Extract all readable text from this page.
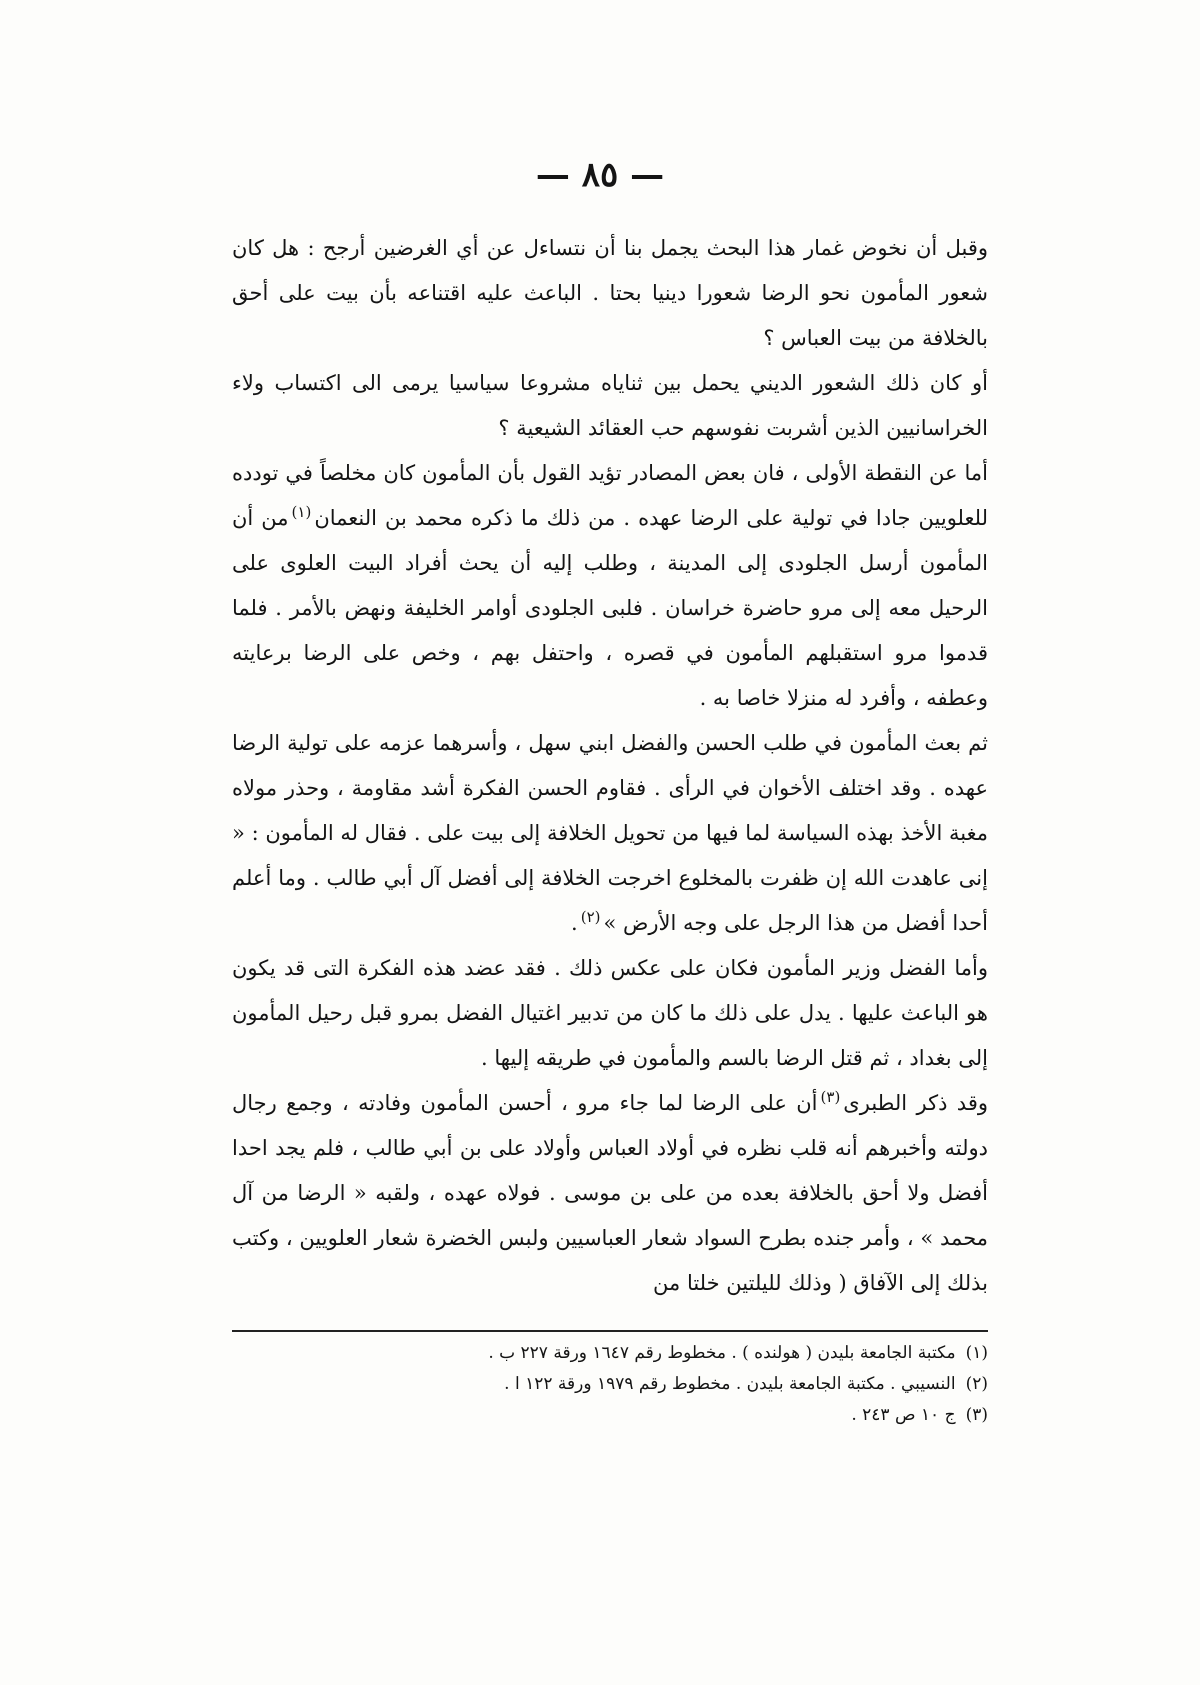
— ٨٥ —

وقبل أن نخوض غمار هذا البحث يجمل بنا أن نتساءل عن أي الغرضين أرجح : هل كان شعور المأمون نحو الرضا شعورا دينيا بحتا . الباعث عليه اقتناعه بأن بيت على أحق بالخلافة من بيت العباس ؟

أو كان ذلك الشعور الديني يحمل بين ثناياه مشروعا سياسيا يرمى الى اكتساب ولاء الخراسانيين الذين أشربت نفوسهم حب العقائد الشيعية ؟

أما عن النقطة الأولى ، فان بعض المصادر تؤيد القول بأن المأمون كان مخلصاً في تودده للعلويين جادا في تولية على الرضا عهده . من ذلك ما ذكره محمد بن النعمان$^{(١)}$من أن المأمون أرسل الجلودى إلى المدينة ، وطلب إليه أن يحث أفراد البيت العلوى على الرحيل معه إلى مرو حاضرة خراسان . فلبى الجلودى أوامر الخليفة ونهض بالأمر . فلما قدموا مرو استقبلهم المأمون في قصره ، واحتفل بهم ، وخص على الرضا برعايته وعطفه ، وأفرد له منزلا خاصا به .

ثم بعث المأمون في طلب الحسن والفضل ابني سهل ، وأسرهما عزمه على تولية الرضا عهده . وقد اختلف الأخوان في الرأى . فقاوم الحسن الفكرة أشد مقاومة ، وحذر مولاه مغبة الأخذ بهذه السياسة لما فيها من تحويل الخلافة إلى بيت على . فقال له المأمون : « إنى عاهدت الله إن ظفرت بالمخلوع اخرجت الخلافة إلى أفضل آل أبي طالب . وما أعلم أحدا أفضل من هذا الرجل على وجه الأرض »$^{(٢)}$.

وأما الفضل وزير المأمون فكان على عكس ذلك . فقد عضد هذه الفكرة التى قد يكون هو الباعث عليها . يدل على ذلك ما كان من تدبير اغتيال الفضل بمرو قبل رحيل المأمون إلى بغداد ، ثم قتل الرضا بالسم والمأمون في طريقه إليها .

وقد ذكر الطبرى$^{(٣)}$أن على الرضا لما جاء مرو ، أحسن المأمون وفادته ، وجمع رجال دولته وأخبرهم أنه قلب نظره في أولاد العباس وأولاد على بن أبي طالب ، فلم يجد احدا أفضل ولا أحق بالخلافة بعده من على بن موسى . فولاه عهده ، ولقبه « الرضا من آل محمد » ، وأمر جنده بطرح السواد شعار العباسيين ولبس الخضرة شعار العلويين ، وكتب بذلك إلى الآفاق ( وذلك لليلتين خلتا من

(١)مكتبة الجامعة بليدن ( هولنده ) . مخطوط رقم ١٦٤٧ ورقة ٢٢٧ ب .
(٢)النسيبي . مكتبة الجامعة بليدن . مخطوط رقم ١٩٧٩ ورقة ١٢٢ ا .
(٣)ج ١٠ ص ٢٤٣ .
